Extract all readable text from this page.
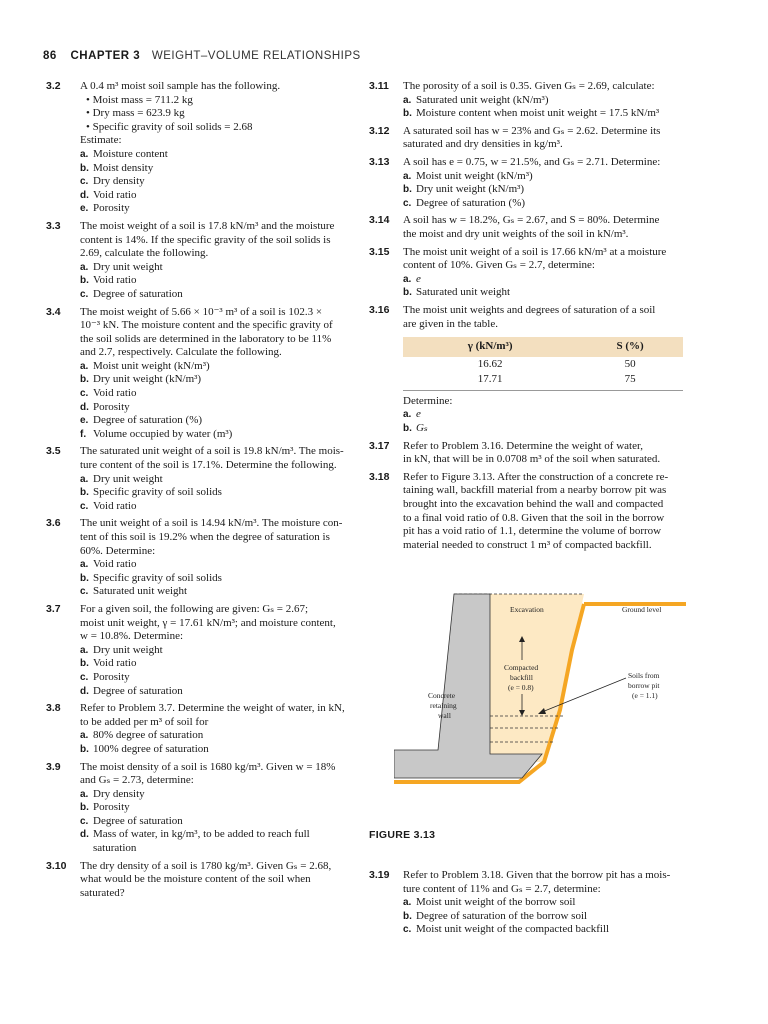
86 CHAPTER 3 WEIGHT–VOLUME RELATIONSHIPS
3.2 A 0.4 m³ moist soil sample has the following.
• Moist mass = 711.2 kg
• Dry mass = 623.9 kg
• Specific gravity of soil solids = 2.68
Estimate:
a. Moisture content
b. Moist density
c. Dry density
d. Void ratio
e. Porosity
3.3 The moist weight of a soil is 17.8 kN/m³ and the moisture
content is 14%. If the specific gravity of the soil solids is
2.69, calculate the following.
a. Dry unit weight
b. Void ratio
c. Degree of saturation
3.4 The moist weight of 5.66 × 10⁻³ m³ of a soil is 102.3 ×
10⁻³ kN. The moisture content and the specific gravity of
the soil solids are determined in the laboratory to be 11%
and 2.7, respectively. Calculate the following.
a. Moist unit weight (kN/m³)
b. Dry unit weight (kN/m³)
c. Void ratio
d. Porosity
e. Degree of saturation (%)
f. Volume occupied by water (m³)
3.5 The saturated unit weight of a soil is 19.8 kN/m³. The mois-
ture content of the soil is 17.1%. Determine the following.
a. Dry unit weight
b. Specific gravity of soil solids
c. Void ratio
3.6 The unit weight of a soil is 14.94 kN/m³. The moisture con-
tent of this soil is 19.2% when the degree of saturation is
60%. Determine:
a. Void ratio
b. Specific gravity of soil solids
c. Saturated unit weight
3.7 For a given soil, the following are given: Gₛ = 2.67;
moist unit weight, γ = 17.61 kN/m³; and moisture content,
w = 10.8%. Determine:
a. Dry unit weight
b. Void ratio
c. Porosity
d. Degree of saturation
3.8 Refer to Problem 3.7. Determine the weight of water, in kN,
to be added per m³ of soil for
a. 80% degree of saturation
b. 100% degree of saturation
3.9 The moist density of a soil is 1680 kg/m³. Given w = 18%
and Gₛ = 2.73, determine:
a. Dry density
b. Porosity
c. Degree of saturation
d. Mass of water, in kg/m³, to be added to reach full
saturation
3.10 The dry density of a soil is 1780 kg/m³. Given Gₛ = 2.68,
what would be the moisture content of the soil when
saturated?
3.11 The porosity of a soil is 0.35. Given Gₛ = 2.69, calculate:
a. Saturated unit weight (kN/m³)
b. Moisture content when moist unit weight = 17.5 kN/m³
3.12 A saturated soil has w = 23% and Gₛ = 2.62. Determine its
saturated and dry densities in kg/m³.
3.13 A soil has e = 0.75, w = 21.5%, and Gₛ = 2.71. Determine:
a. Moist unit weight (kN/m³)
b. Dry unit weight (kN/m³)
c. Degree of saturation (%)
3.14 A soil has w = 18.2%, Gₛ = 2.67, and S = 80%. Determine
the moist and dry unit weights of the soil in kN/m³.
3.15 The moist unit weight of a soil is 17.66 kN/m³ at a moisture
content of 10%. Given Gₛ = 2.7, determine:
a. e
b. Saturated unit weight
3.16 The moist unit weights and degrees of saturation of a soil
are given in the table.
γ (kN/m³)	S (%)
16.62	50
17.71	75
Determine:
a. e
b. Gₛ
3.17 Refer to Problem 3.16. Determine the weight of water,
in kN, that will be in 0.0708 m³ of the soil when saturated.
3.18 Refer to Figure 3.13. After the construction of a concrete re-
taining wall, backfill material from a nearby borrow pit was
brought into the excavation behind the wall and compacted
to a final void ratio of 0.8. Given that the soil in the borrow
pit has a void ratio of 1.1, determine the volume of borrow
material needed to construct 1 m³ of compacted backfill.
Excavation	Ground level
Compacted
backfill
(e = 0.8)
Concrete
retaining
wall
Soils from
borrow pit
(e = 1.1)
FIGURE 3.13
3.19 Refer to Problem 3.18. Given that the borrow pit has a mois-
ture content of 11% and Gₛ = 2.7, determine:
a. Moist unit weight of the borrow soil
b. Degree of saturation of the borrow soil
c. Moist unit weight of the compacted backfill
